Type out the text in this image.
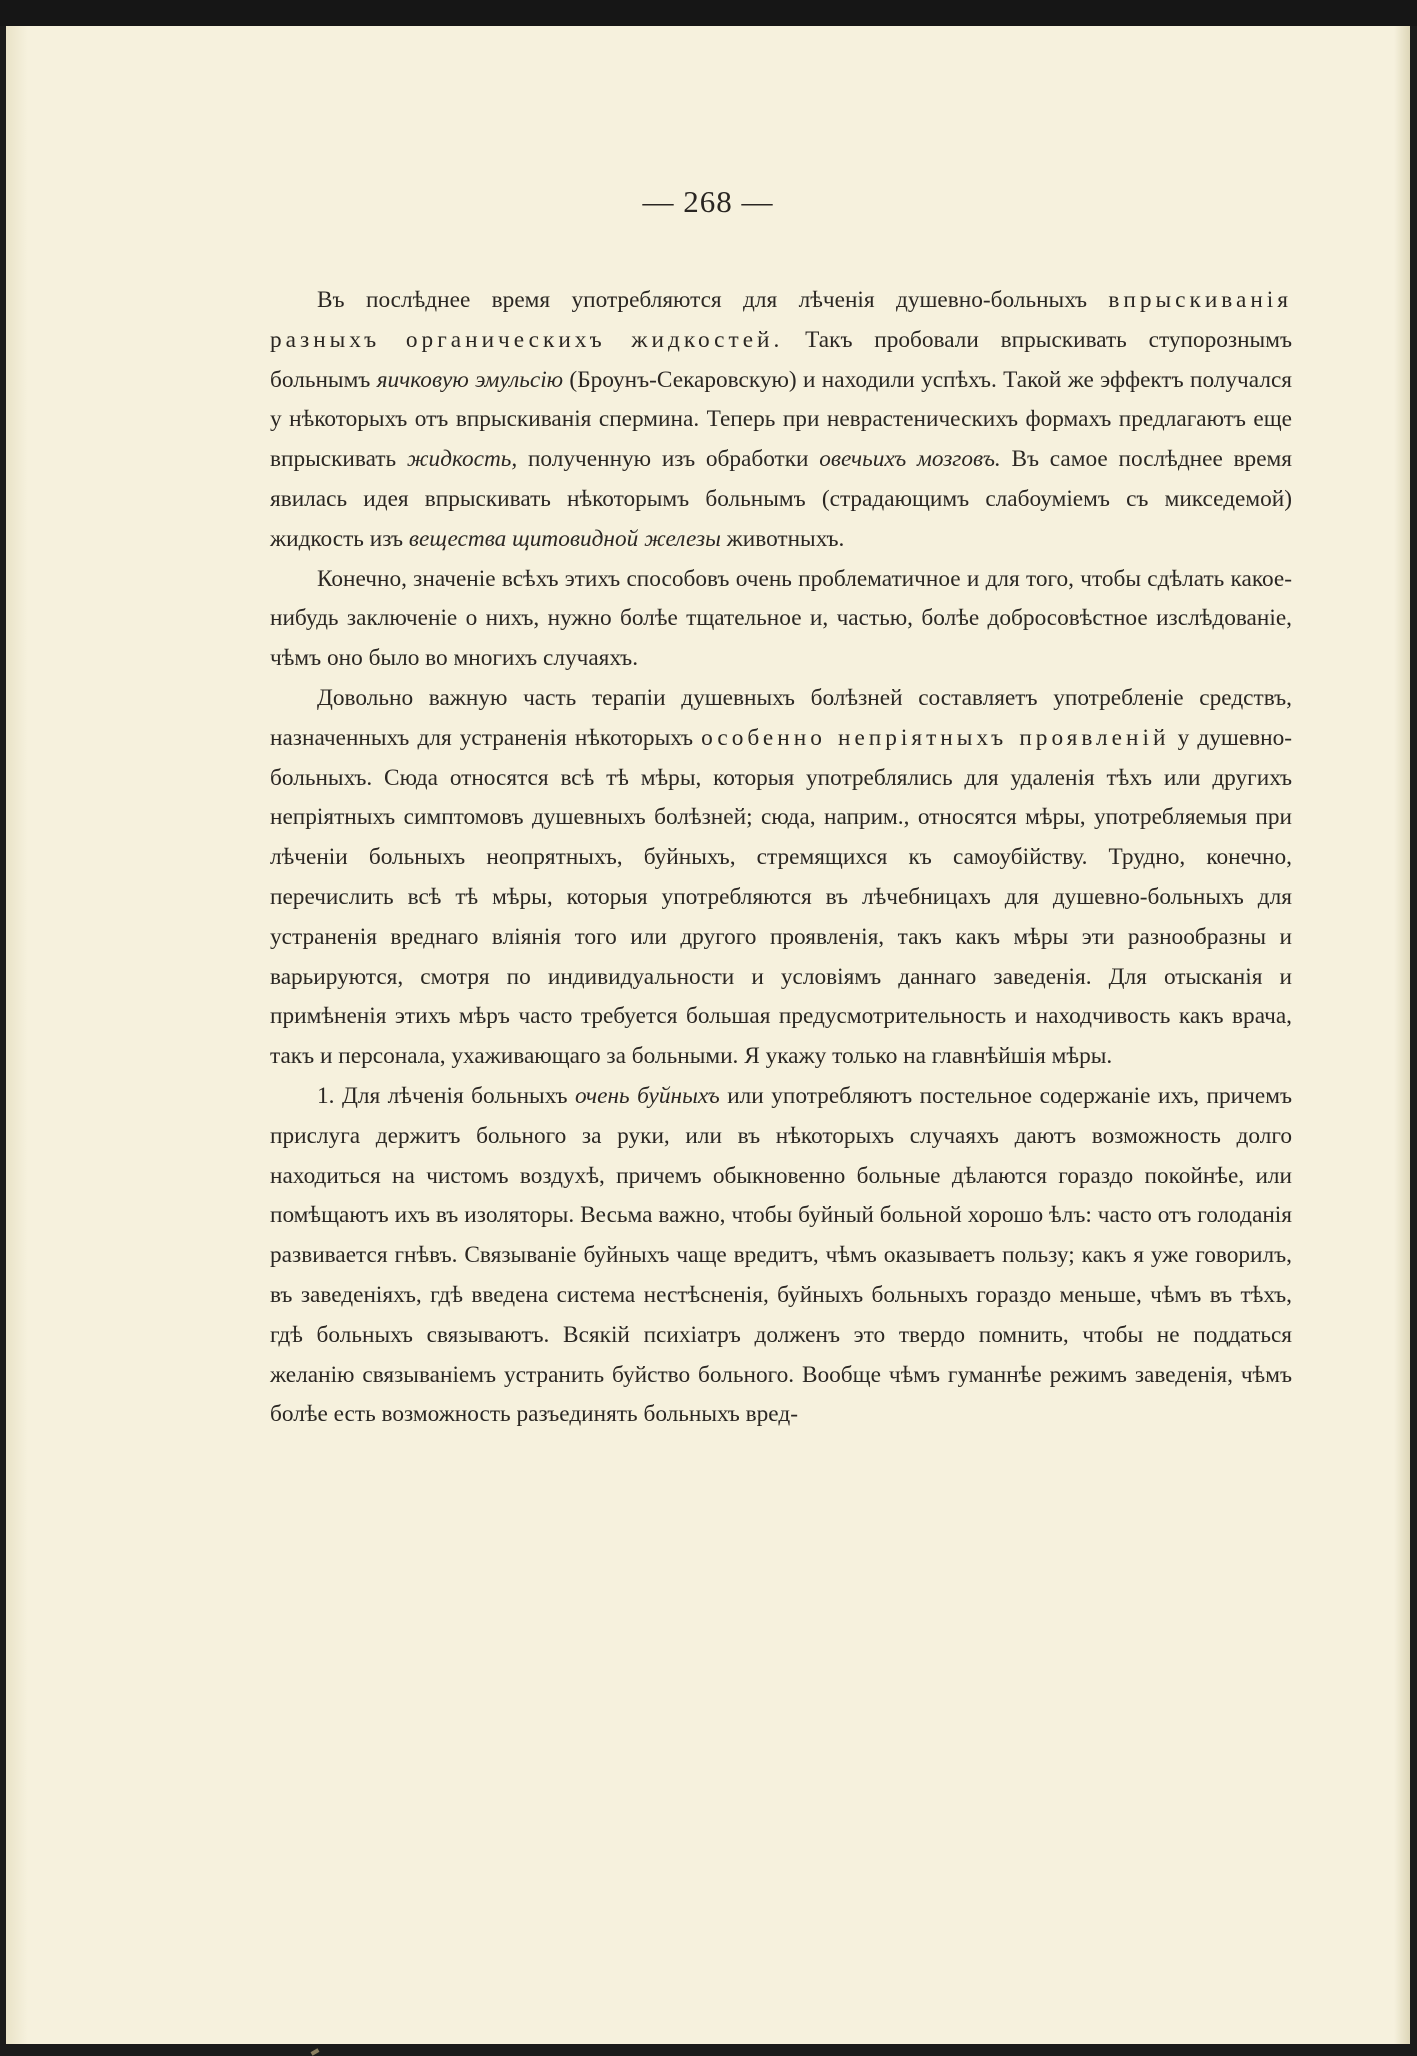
— 268 —

Въ послѣднее время употребляются для лѣченія душевно-больныхъ впрыскиванія разныхъ органическихъ жидкостей. Такъ пробовали впрыскивать ступорознымъ больнымъ яичковую эмульсію (Броунъ-Секаровскую) и находили успѣхъ. Такой же эффектъ получался у нѣкоторыхъ отъ впрыскиванія спермина. Теперь при неврастеническихъ формахъ предлагаютъ еще впрыскивать жидкость, полученную изъ обработки овечьихъ мозговъ. Въ самое послѣднее время явилась идея впрыскивать нѣкоторымъ больнымъ (страдающимъ слабоуміемъ съ микседемой) жидкость изъ вещества щитовидной железы животныхъ.

Конечно, значеніе всѣхъ этихъ способовъ очень проблематичное и для того, чтобы сдѣлать какое-нибудь заключеніе о нихъ, нужно болѣе тщательное и, частью, болѣе добросовѣстное изслѣдованіе, чѣмъ оно было во многихъ случаяхъ.

Довольно важную часть терапіи душевныхъ болѣзней составляетъ употребленіе средствъ, назначенныхъ для устраненія нѣкоторыхъ особенно непріятныхъ проявленій у душевно-больныхъ. Сюда относятся всѣ тѣ мѣры, которыя употреблялись для удаленія тѣхъ или другихъ непріятныхъ симптомовъ душевныхъ болѣзней; сюда, наприм., относятся мѣры, употребляемыя при лѣченіи больныхъ неопрятныхъ, буйныхъ, стремящихся къ самоубійству. Трудно, конечно, перечислить всѣ тѣ мѣры, которыя употребляются въ лѣчебницахъ для душевно-больныхъ для устраненія вреднаго вліянія того или другого проявленія, такъ какъ мѣры эти разнообразны и варьируются, смотря по индивидуальности и условіямъ даннаго заведенія. Для отысканія и примѣненія этихъ мѣръ часто требуется большая предусмотрительность и находчивость какъ врача, такъ и персонала, ухаживающаго за больными. Я укажу только на главнѣйшія мѣры.

1. Для лѣченія больныхъ очень буйныхъ или употребляютъ постельное содержаніе ихъ, причемъ прислуга держитъ больного за руки, или въ нѣкоторыхъ случаяхъ даютъ возможность долго находиться на чистомъ воздухѣ, причемъ обыкновенно больные дѣлаются гораздо покойнѣе, или помѣщаютъ ихъ въ изоляторы. Весьма важно, чтобы буйный больной хорошо ѣлъ: часто отъ голоданія развивается гнѣвъ. Связываніе буйныхъ чаще вредитъ, чѣмъ оказываетъ пользу; какъ я уже говорилъ, въ заведеніяхъ, гдѣ введена система нестѣсненія, буйныхъ больныхъ гораздо меньше, чѣмъ въ тѣхъ, гдѣ больныхъ связываютъ. Всякій психіатръ долженъ это твердо помнить, чтобы не поддаться желанію связываніемъ устранить буйство больного. Вообще чѣмъ гуманнѣе режимъ заведенія, чѣмъ болѣе есть возможность разъединять больныхъ вред-
